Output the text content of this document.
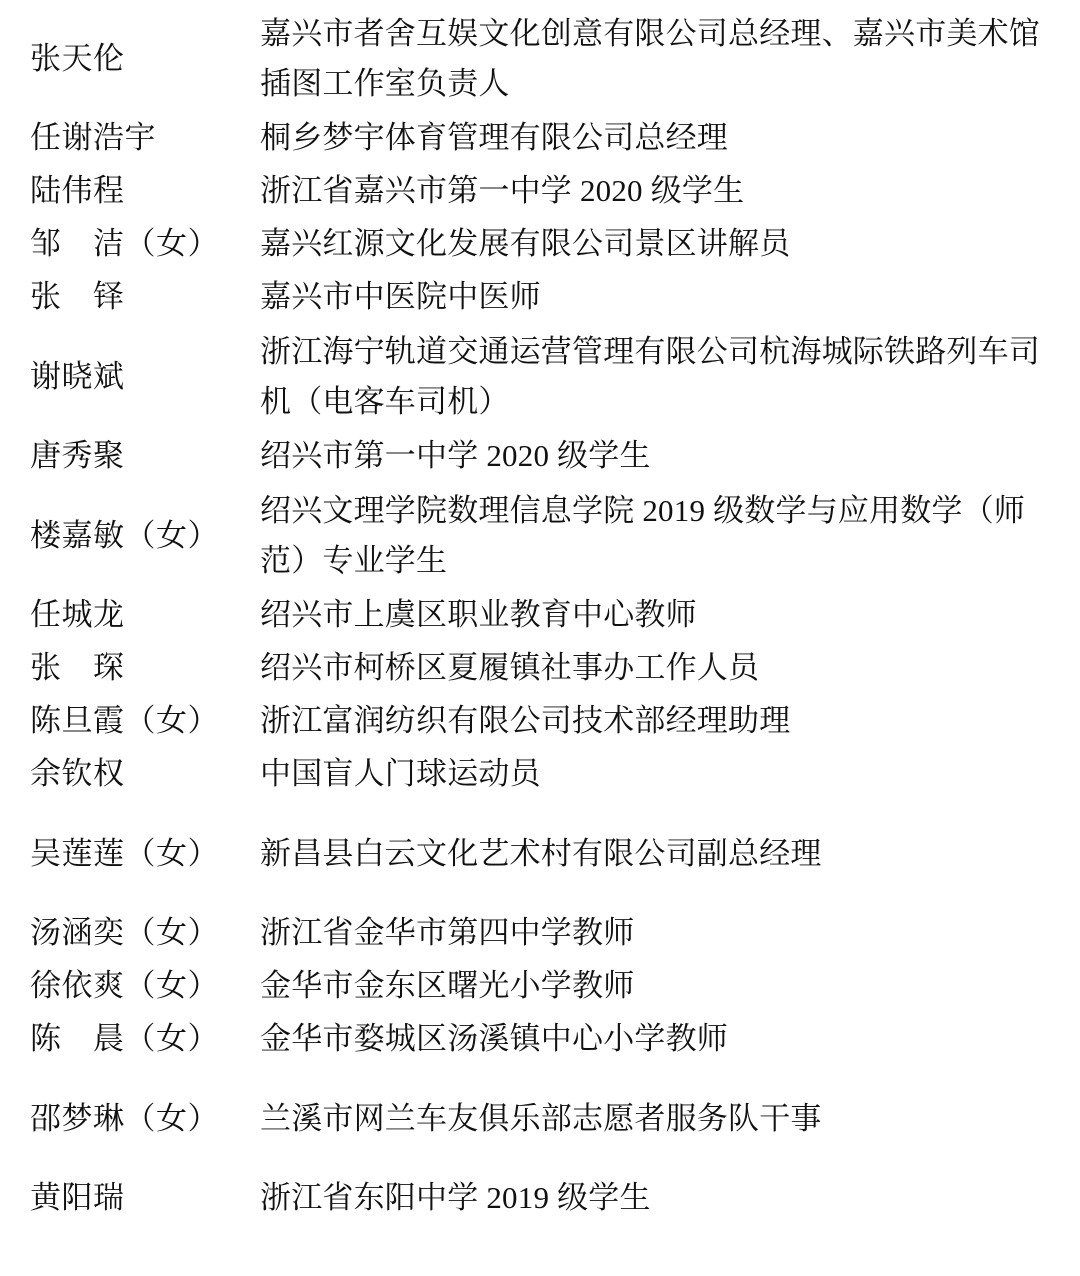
张天伦	嘉兴市者舍互娱文化创意有限公司总经理、嘉兴市美术馆插图工作室负责人
任谢浩宇	桐乡梦宇体育管理有限公司总经理
陆伟程	浙江省嘉兴市第一中学 2020 级学生
邹　洁（女）	嘉兴红源文化发展有限公司景区讲解员
张　铎	嘉兴市中医院中医师
谢晓斌	浙江海宁轨道交通运营管理有限公司杭海城际铁路列车司机（电客车司机）
唐秀聚	绍兴市第一中学 2020 级学生
楼嘉敏（女）	绍兴文理学院数理信息学院 2019 级数学与应用数学（师范）专业学生
任城龙	绍兴市上虞区职业教育中心教师
张　琛	绍兴市柯桥区夏履镇社事办工作人员
陈旦霞（女）	浙江富润纺织有限公司技术部经理助理
余钦权	中国盲人门球运动员
吴莲莲（女）	新昌县白云文化艺术村有限公司副总经理
汤涵奕（女）	浙江省金华市第四中学教师
徐依爽（女）	金华市金东区曙光小学教师
陈　晨（女）	金华市婺城区汤溪镇中心小学教师
邵梦琳（女）	兰溪市网兰车友俱乐部志愿者服务队干事
黄阳瑞	浙江省东阳中学 2019 级学生
